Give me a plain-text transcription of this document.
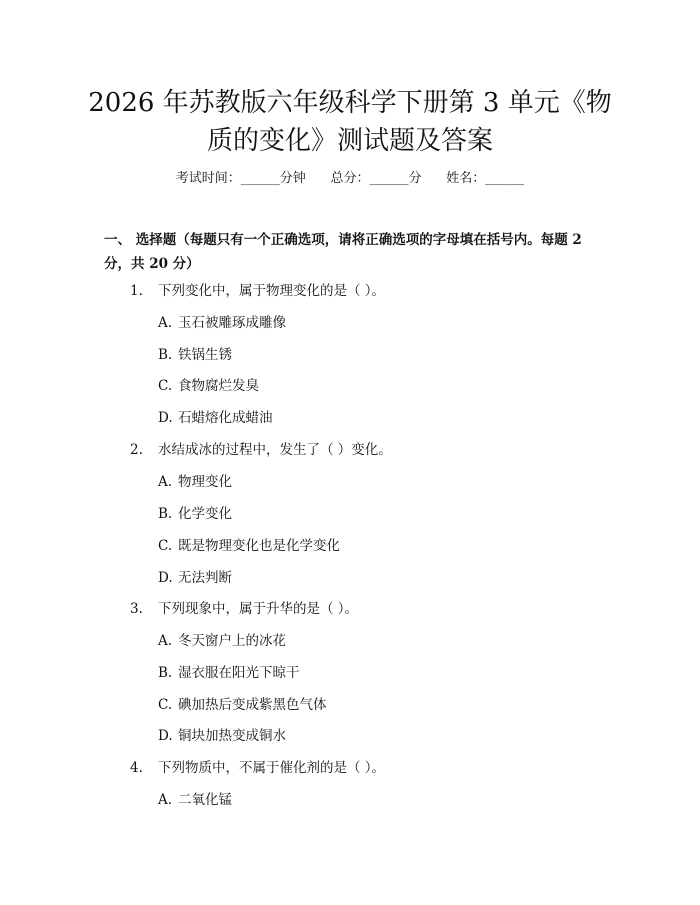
2026 年苏教版六年级科学下册第 3 单元《物
质的变化》测试题及答案
考试时间：______分钟      总分：______分      姓名：______

一、 选择题（每题只有一个正确选项，请将正确选项的字母填在括号内。每题 2 分，共 20 分）

1. 下列变化中，属于物理变化的是（ ）。
A. 玉石被雕琢成雕像
B. 铁锅生锈
C. 食物腐烂发臭
D. 石蜡熔化成蜡油
2. 水结成冰的过程中，发生了（ ）变化。
A. 物理变化
B. 化学变化
C. 既是物理变化也是化学变化
D. 无法判断
3. 下列现象中，属于升华的是（ ）。
A. 冬天窗户上的冰花
B. 湿衣服在阳光下晾干
C. 碘加热后变成紫黑色气体
D. 铜块加热变成铜水
4. 下列物质中，不属于催化剂的是（ ）。
A. 二氧化锰
